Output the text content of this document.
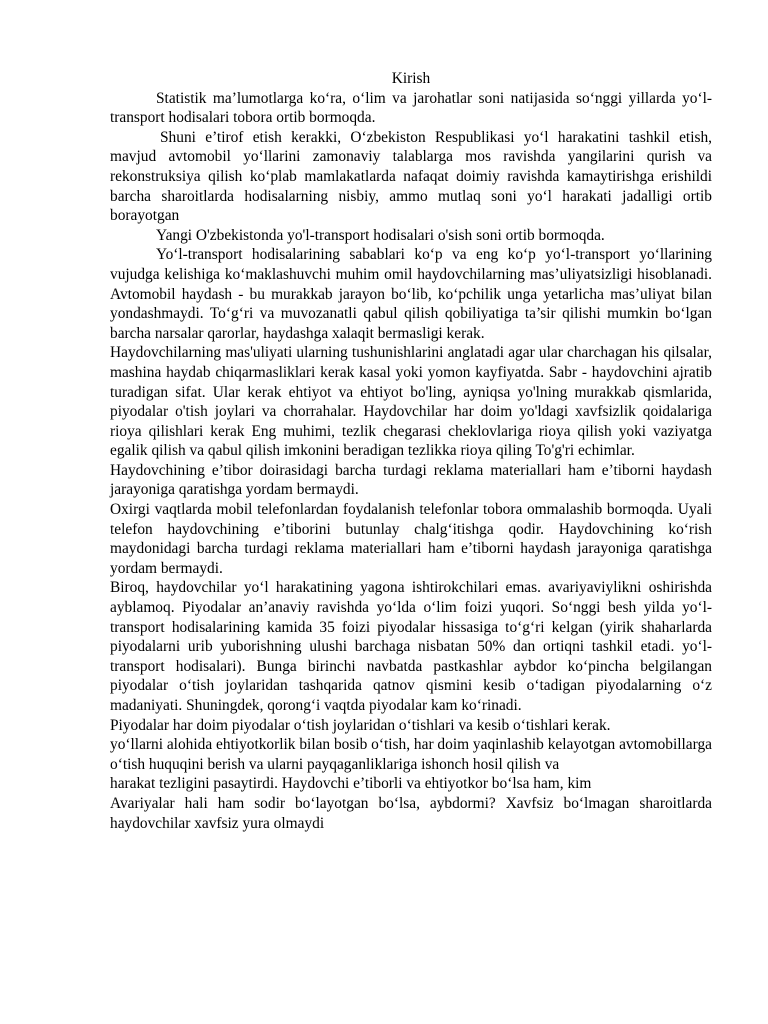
Kirish

Statistik ma’lumotlarga ko‘ra, o‘lim va jarohatlar soni natijasida so‘nggi yillarda yo‘l-transport hodisalari tobora ortib bormoqda.

Shuni e’tirof etish kerakki, O‘zbekiston Respublikasi yo‘l harakatini tashkil etish, mavjud avtomobil yo‘llarini zamonaviy talablarga mos ravishda yangilarini qurish va rekonstruksiya qilish ko‘plab mamlakatlarda nafaqat doimiy ravishda kamaytirishga erishildi barcha sharoitlarda hodisalarning nisbiy, ammo mutlaq soni yo‘l harakati jadalligi ortib borayotgan

Yangi O'zbekistonda yo'l-transport hodisalari o'sish soni ortib bormoqda.

Yo‘l-transport hodisalarining sabablari ko‘p va eng ko‘p yo‘l-transport yo‘llarining vujudga kelishiga ko‘maklashuvchi muhim omil haydovchilarning mas’uliyatsizligi hisoblanadi. Avtomobil haydash - bu murakkab jarayon bo‘lib, ko‘pchilik unga yetarlicha mas’uliyat bilan yondashmaydi. To‘g‘ri va muvozanatli qabul qilish qobiliyatiga ta’sir qilishi mumkin bo‘lgan barcha narsalar qarorlar, haydashga xalaqit bermasligi kerak.

Haydovchilarning mas'uliyati ularning tushunishlarini anglatadi agar ular charchagan his qilsalar, mashina haydab chiqarmasliklari kerak kasal yoki yomon kayfiyatda. Sabr - haydovchini ajratib turadigan sifat. Ular kerak ehtiyot va ehtiyot bo'ling, ayniqsa yo'lning murakkab qismlarida, piyodalar o'tish joylari va chorrahalar. Haydovchilar har doim yo'ldagi xavfsizlik qoidalariga rioya qilishlari kerak Eng muhimi, tezlik chegarasi cheklovlariga rioya qilish yoki vaziyatga egalik qilish va qabul qilish imkonini beradigan tezlikka rioya qiling To'g'ri echimlar.

Haydovchining e’tibor doirasidagi barcha turdagi reklama materiallari ham e’tiborni haydash jarayoniga qaratishga yordam bermaydi.

Oxirgi vaqtlarda mobil telefonlardan foydalanish telefonlar tobora ommalashib bormoqda. Uyali telefon haydovchining e’tiborini butunlay chalg‘itishga qodir. Haydovchining ko‘rish maydonidagi barcha turdagi reklama materiallari ham e’tiborni haydash jarayoniga qaratishga yordam bermaydi.

Biroq, haydovchilar yo‘l harakatining yagona ishtirokchilari emas. avariyaviylikni oshirishda ayblamoq. Piyodalar an’anaviy ravishda yo‘lda o‘lim foizi yuqori. So‘nggi besh yilda yo‘l-transport hodisalarining kamida 35 foizi piyodalar hissasiga to‘g‘ri kelgan (yirik shaharlarda piyodalarni urib yuborishning ulushi barchaga nisbatan 50% dan ortiqni tashkil etadi. yo‘l-transport hodisalari). Bunga birinchi navbatda pastkashlar aybdor ko‘pincha belgilangan piyodalar o‘tish joylaridan tashqarida qatnov qismini kesib o‘tadigan piyodalarning o‘z madaniyati. Shuningdek, qorong‘i vaqtda piyodalar kam ko‘rinadi.

Piyodalar har doim piyodalar o‘tish joylaridan o‘tishlari va kesib o‘tishlari kerak.

yo‘llarni alohida ehtiyotkorlik bilan bosib o‘tish, har doim yaqinlashib kelayotgan avtomobillarga o‘tish huquqini berish va ularni payqaganliklariga ishonch hosil qilish va

harakat tezligini pasaytirdi. Haydovchi e’tiborli va ehtiyotkor bo‘lsa ham, kim

Avariyalar hali ham sodir bo‘layotgan bo‘lsa, aybdormi? Xavfsiz bo‘lmagan sharoitlarda haydovchilar xavfsiz yura olmaydi
